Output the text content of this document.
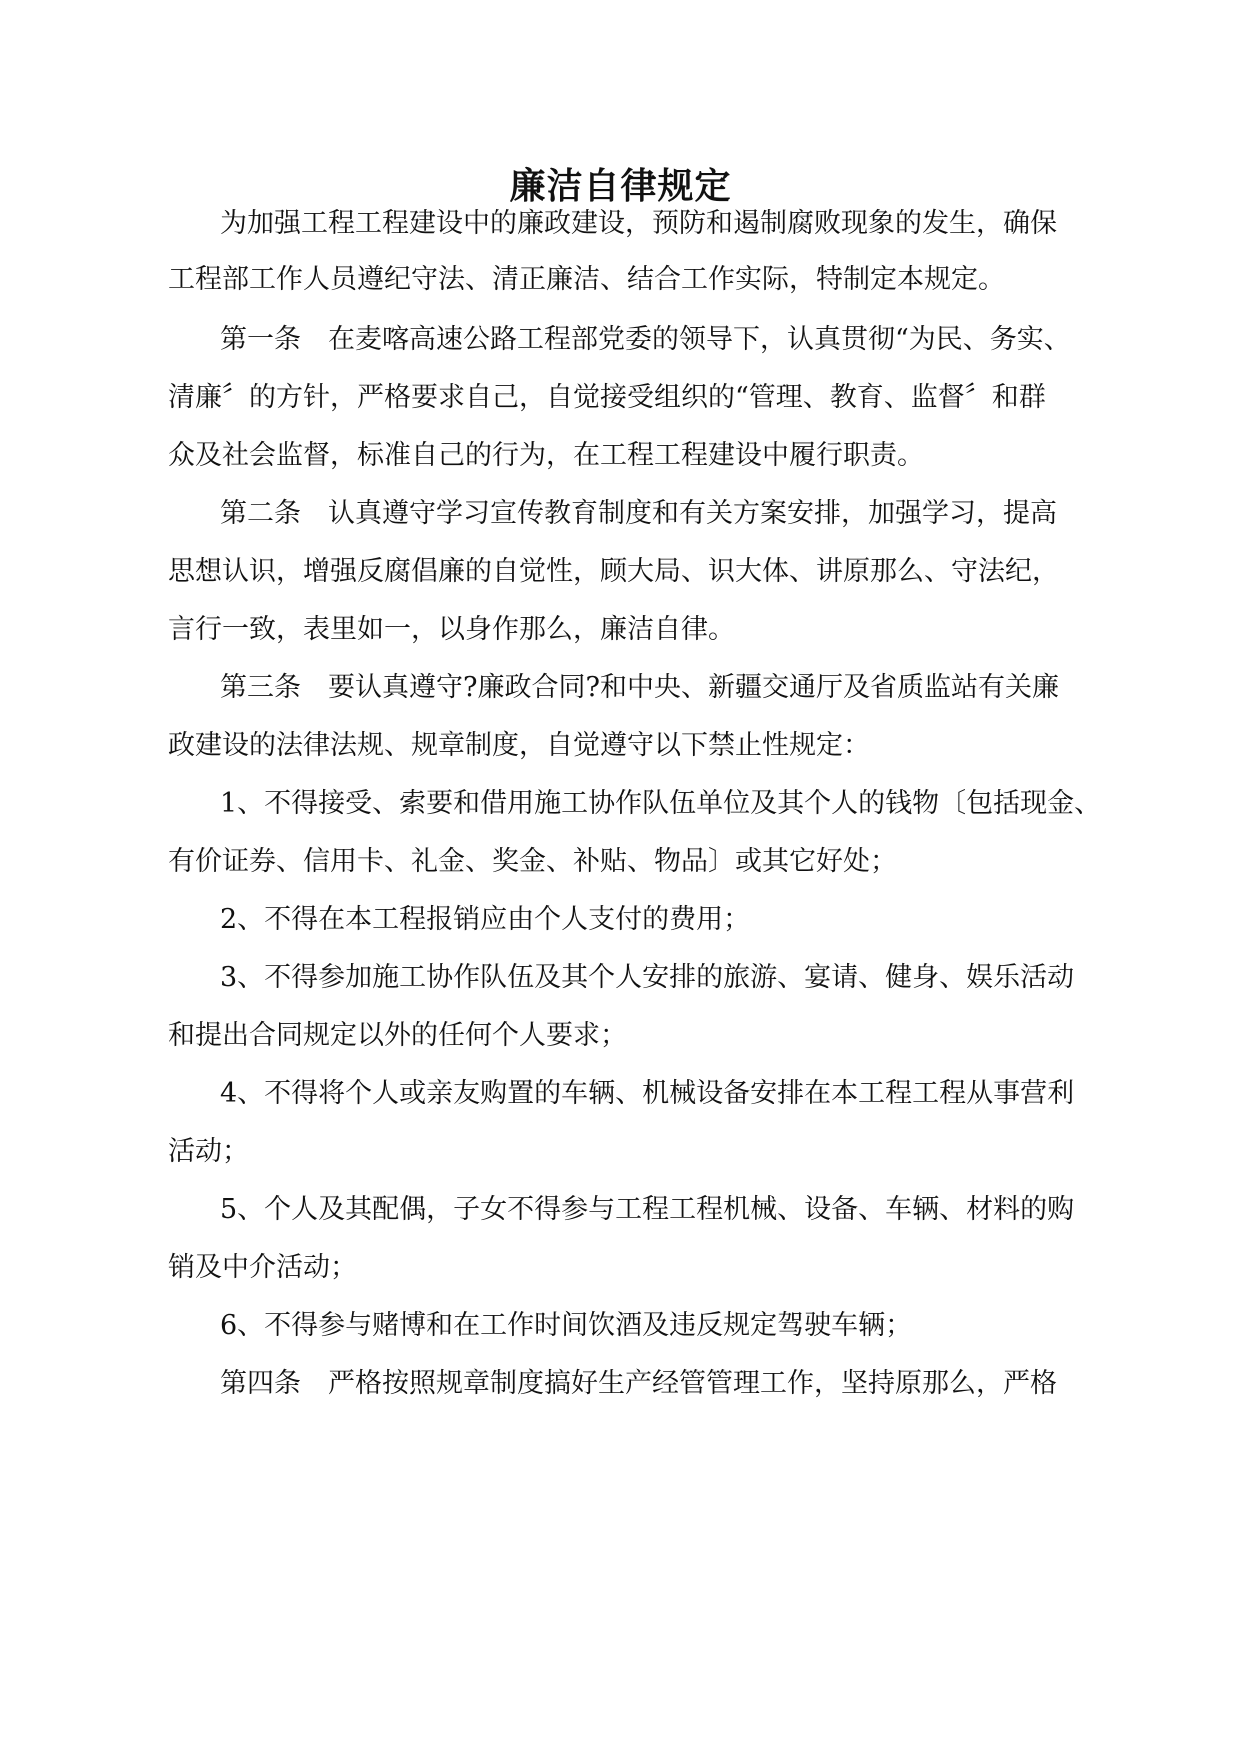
廉洁自律规定

为加强工程工程建设中的廉政建设，预防和遏制腐败现象的发生，确保

工程部工作人员遵纪守法、清正廉洁、结合工作实际，特制定本规定。

第一条　在麦喀高速公路工程部党委的领导下，认真贯彻“为民、务实、

清廉〞的方针，严格要求自己，自觉接受组织的“管理、教育、监督〞和群

众及社会监督，标准自己的行为，在工程工程建设中履行职责。

第二条　认真遵守学习宣传教育制度和有关方案安排，加强学习，提高

思想认识，增强反腐倡廉的自觉性，顾大局、识大体、讲原那么、守法纪，

言行一致，表里如一，以身作那么，廉洁自律。

第三条　要认真遵守?廉政合同?和中央、新疆交通厅及省质监站有关廉

政建设的法律法规、规章制度，自觉遵守以下禁止性规定：

1、不得接受、索要和借用施工协作队伍单位及其个人的钱物〔包括现金、

有价证券、信用卡、礼金、奖金、补贴、物品〕或其它好处；

2、不得在本工程报销应由个人支付的费用；

3、不得参加施工协作队伍及其个人安排的旅游、宴请、健身、娱乐活动

和提出合同规定以外的任何个人要求；

4、不得将个人或亲友购置的车辆、机械设备安排在本工程工程从事营利

活动；

5、个人及其配偶，子女不得参与工程工程机械、设备、车辆、材料的购

销及中介活动；

6、不得参与赌博和在工作时间饮酒及违反规定驾驶车辆；

第四条　严格按照规章制度搞好生产经管管理工作，坚持原那么，严格
